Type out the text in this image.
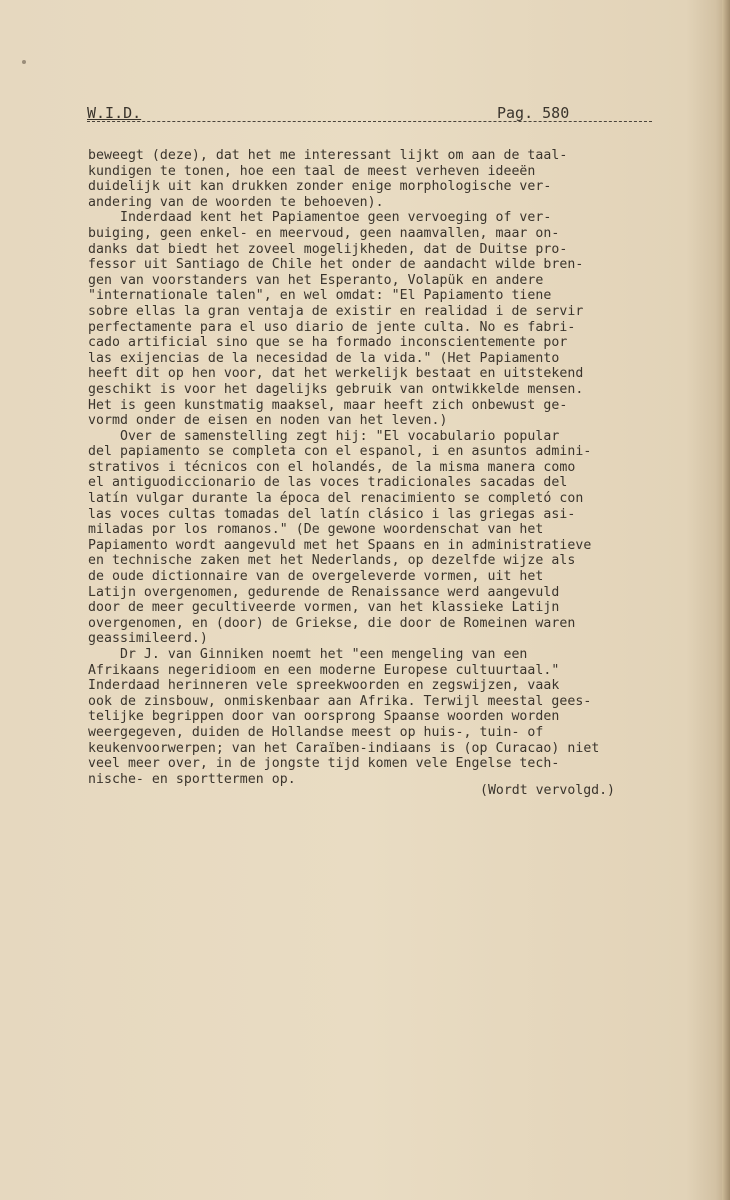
W.I.D.	Pag. 580
beweegt (deze), dat het me interessant lijkt om aan de taal-
kundigen te tonen, hoe een taal de meest verheven ideeën
duidelijk uit kan drukken zonder enige morphologische ver-
andering van de woorden te behoeven).
Inderdaad kent het Papiamentoe geen vervoeging of ver-
buiging, geen enkel- en meervoud, geen naamvallen, maar on-
danks dat biedt het zoveel mogelijkheden, dat de Duitse pro-
fessor uit Santiago de Chile het onder de aandacht wilde bren-
gen van voorstanders van het Esperanto, Volapük en andere
"internationale talen", en wel omdat: "El Papiamento tiene
sobre ellas la gran ventaja de existir en realidad i de servir
perfectamente para el uso diario de jente culta. No es fabri-
cado artificial sino que se ha formado inconscientemente por
las exijencias de la necesidad de la vida." (Het Papiamento
heeft dit op hen voor, dat het werkelijk bestaat en uitstekend
geschikt is voor het dagelijks gebruik van ontwikkelde mensen.
Het is geen kunstmatig maaksel, maar heeft zich onbewust ge-
vormd onder de eisen en noden van het leven.)
Over de samenstelling zegt hij: "El vocabulario popular
del papiamento se completa con el espanol, i en asuntos admini-
strativos i técnicos con el holandés, de la misma manera como
el antiguodiccionario de las voces tradicionales sacadas del
latín vulgar durante la época del renacimiento se completó con
las voces cultas tomadas del latín clásico i las griegas asi-
miladas por los romanos." (De gewone woordenschat van het
Papiamento wordt aangevuld met het Spaans en in administratieve
en technische zaken met het Nederlands, op dezelfde wijze als
de oude dictionnaire van de overgeleverde vormen, uit het
Latijn overgenomen, gedurende de Renaissance werd aangevuld
door de meer gecultiveerde vormen, van het klassieke Latijn
overgenomen, en (door) de Griekse, die door de Romeinen waren
geassimileerd.)
Dr J. van Ginniken noemt het "een mengeling van een
Afrikaans negeridioom en een moderne Europese cultuurtaal."
Inderdaad herinneren vele spreekwoorden en zegswijzen, vaak
ook de zinsbouw, onmiskenbaar aan Afrika. Terwijl meestal gees-
telijke begrippen door van oorsprong Spaanse woorden worden
weergegeven, duiden de Hollandse meest op huis-, tuin- of
keukenvoorwerpen; van het Caraïben-indiaans is (op Curacao) niet
veel meer over, in de jongste tijd komen vele Engelse tech-
nische- en sporttermen op.
(Wordt vervolgd.)
